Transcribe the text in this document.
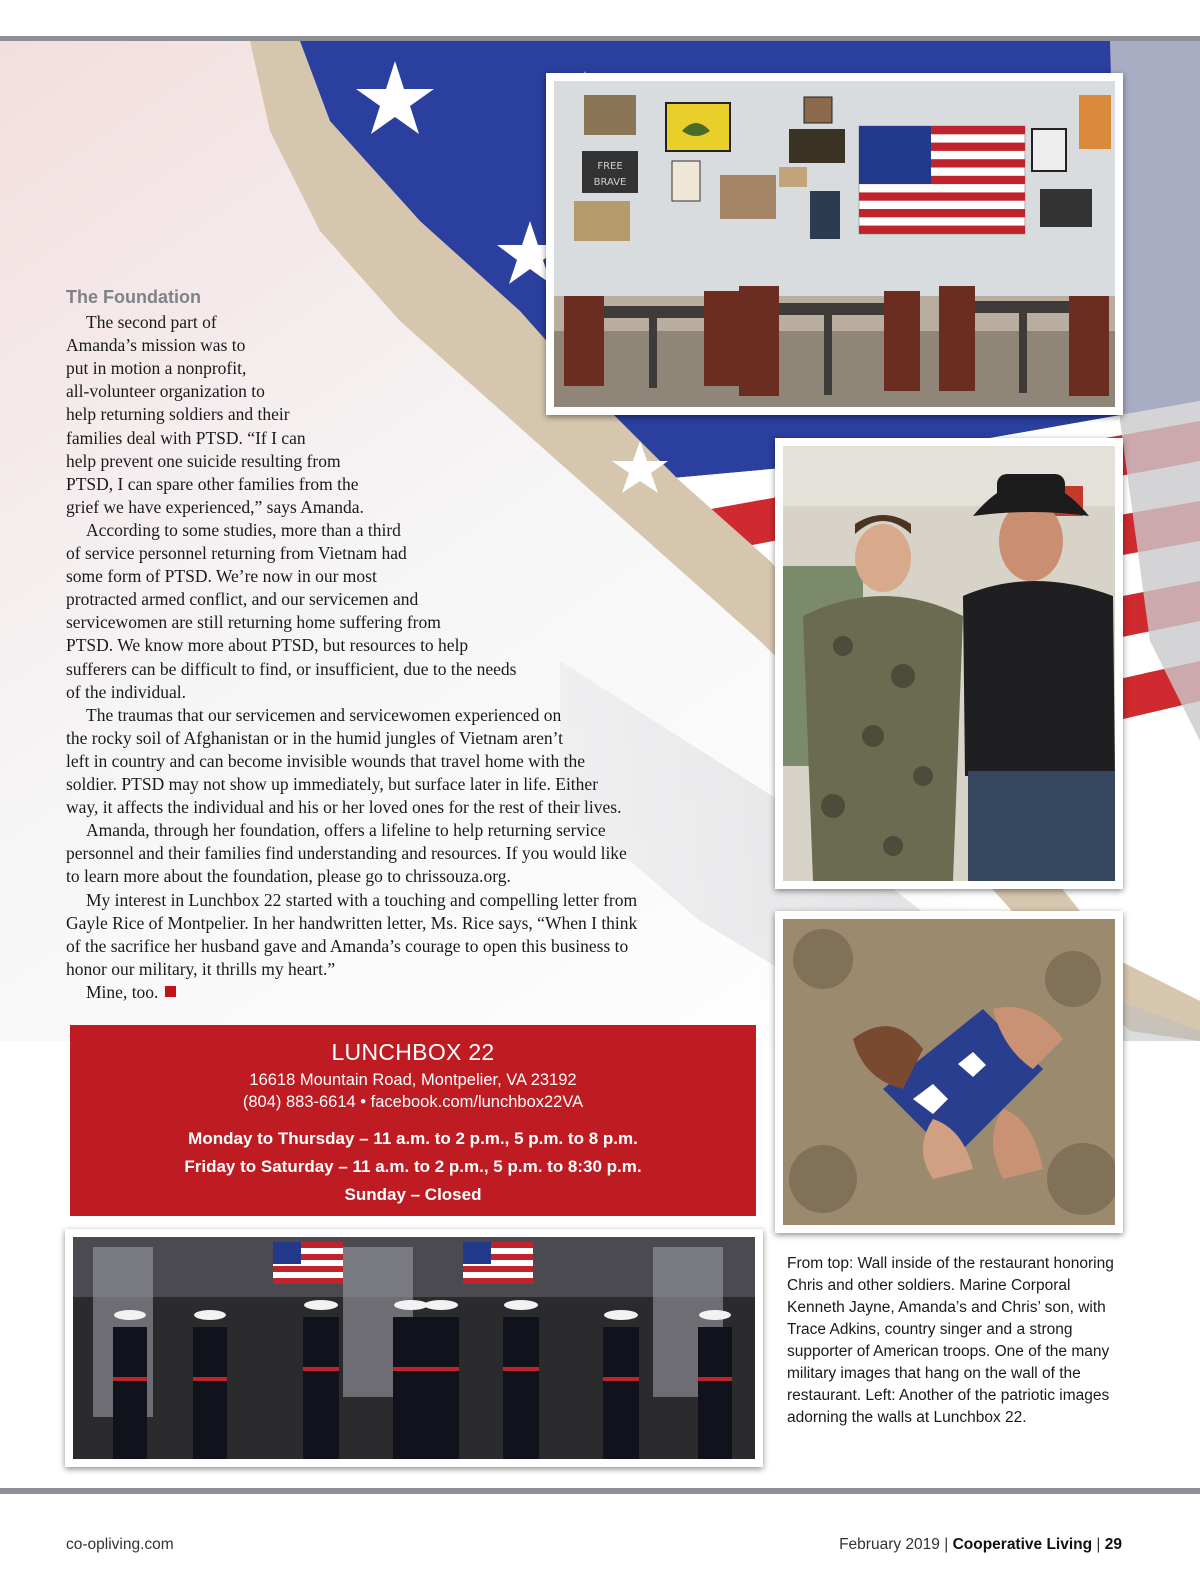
The Foundation

The second part of

Amanda’s mission was to

put in motion a nonprofit,

all-volunteer organization to

help returning soldiers and their

families deal with PTSD. “If I can

help prevent one suicide resulting from

PTSD, I can spare other families from the

grief we have experienced,” says Amanda.

According to some studies, more than a third

of service personnel returning from Vietnam had

some form of PTSD. We’re now in our most

protracted armed conflict, and our servicemen and

servicewomen are still returning home suffering from

PTSD. We know more about PTSD, but resources to help

sufferers can be difficult to find, or insufficient, due to the needs

of the individual.

The traumas that our servicemen and servicewomen experienced on

the rocky soil of Afghanistan or in the humid jungles of Vietnam aren’t

left in country and can become invisible wounds that travel home with the

soldier. PTSD may not show up immediately, but surface later in life. Either

way, it affects the individual and his or her loved ones for the rest of their lives.

Amanda, through her foundation, offers a lifeline to help returning service

personnel and their families find understanding and resources. If you would like

to learn more about the foundation, please go to chrissouza.org.

My interest in Lunchbox 22 started with a touching and compelling letter from

Gayle Rice of Montpelier. In her handwritten letter, Ms. Rice says, “When I think

of the sacrifice her husband gave and Amanda’s courage to open this business to

honor our military, it thrills my heart.”

Mine, too.

FREE
BRAVE
LUNCHBOX 22
16618 Mountain Road, Montpelier, VA 23192
(804) 883-6614 • facebook.com/lunchbox22VA
Monday to Thursday – 11 a.m. to 2 p.m., 5 p.m. to 8 p.m.
Friday to Saturday – 11 a.m. to 2 p.m., 5 p.m. to 8:30 p.m.
Sunday – Closed

From top: Wall inside of the restaurant honoring Chris and other soldiers. Marine Corporal Kenneth Jayne, Amanda’s and Chris’ son, with Trace Adkins, country singer and a strong supporter of American troops. One of the many military images that hang on the wall of the restaurant. Left: Another of the patriotic images adorning the walls at Lunchbox 22.

co-opliving.com	February 2019 | Cooperative Living | 29
